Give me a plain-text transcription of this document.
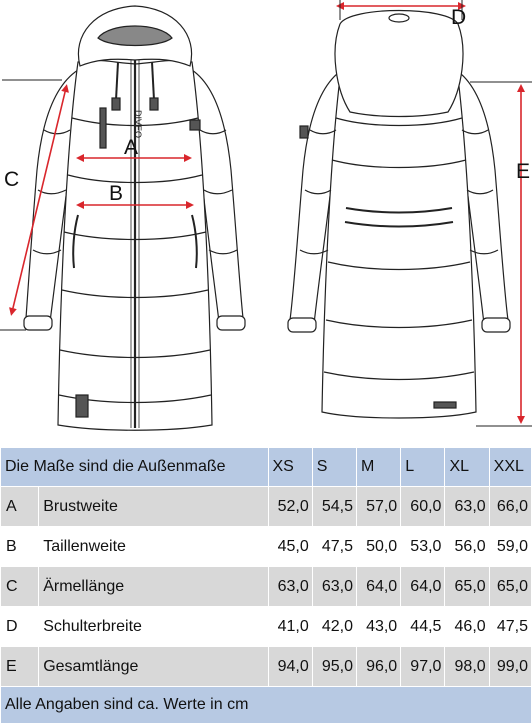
DIVEO
A
B
C
D
E
Die Maße sind die Außenmaße		XS	S	M	L	XL	XXL
A	Brustweite	52,0	54,5	57,0	60,0	63,0	66,0
B	Taillenweite	45,0	47,5	50,0	53,0	56,0	59,0
C	Ärmellänge	63,0	63,0	64,0	64,0	65,0	65,0
D	Schulterbreite	41,0	42,0	43,0	44,5	46,0	47,5
E	Gesamtlänge	94,0	95,0	96,0	97,0	98,0	99,0
Alle Angaben sind ca. Werte in cm							
